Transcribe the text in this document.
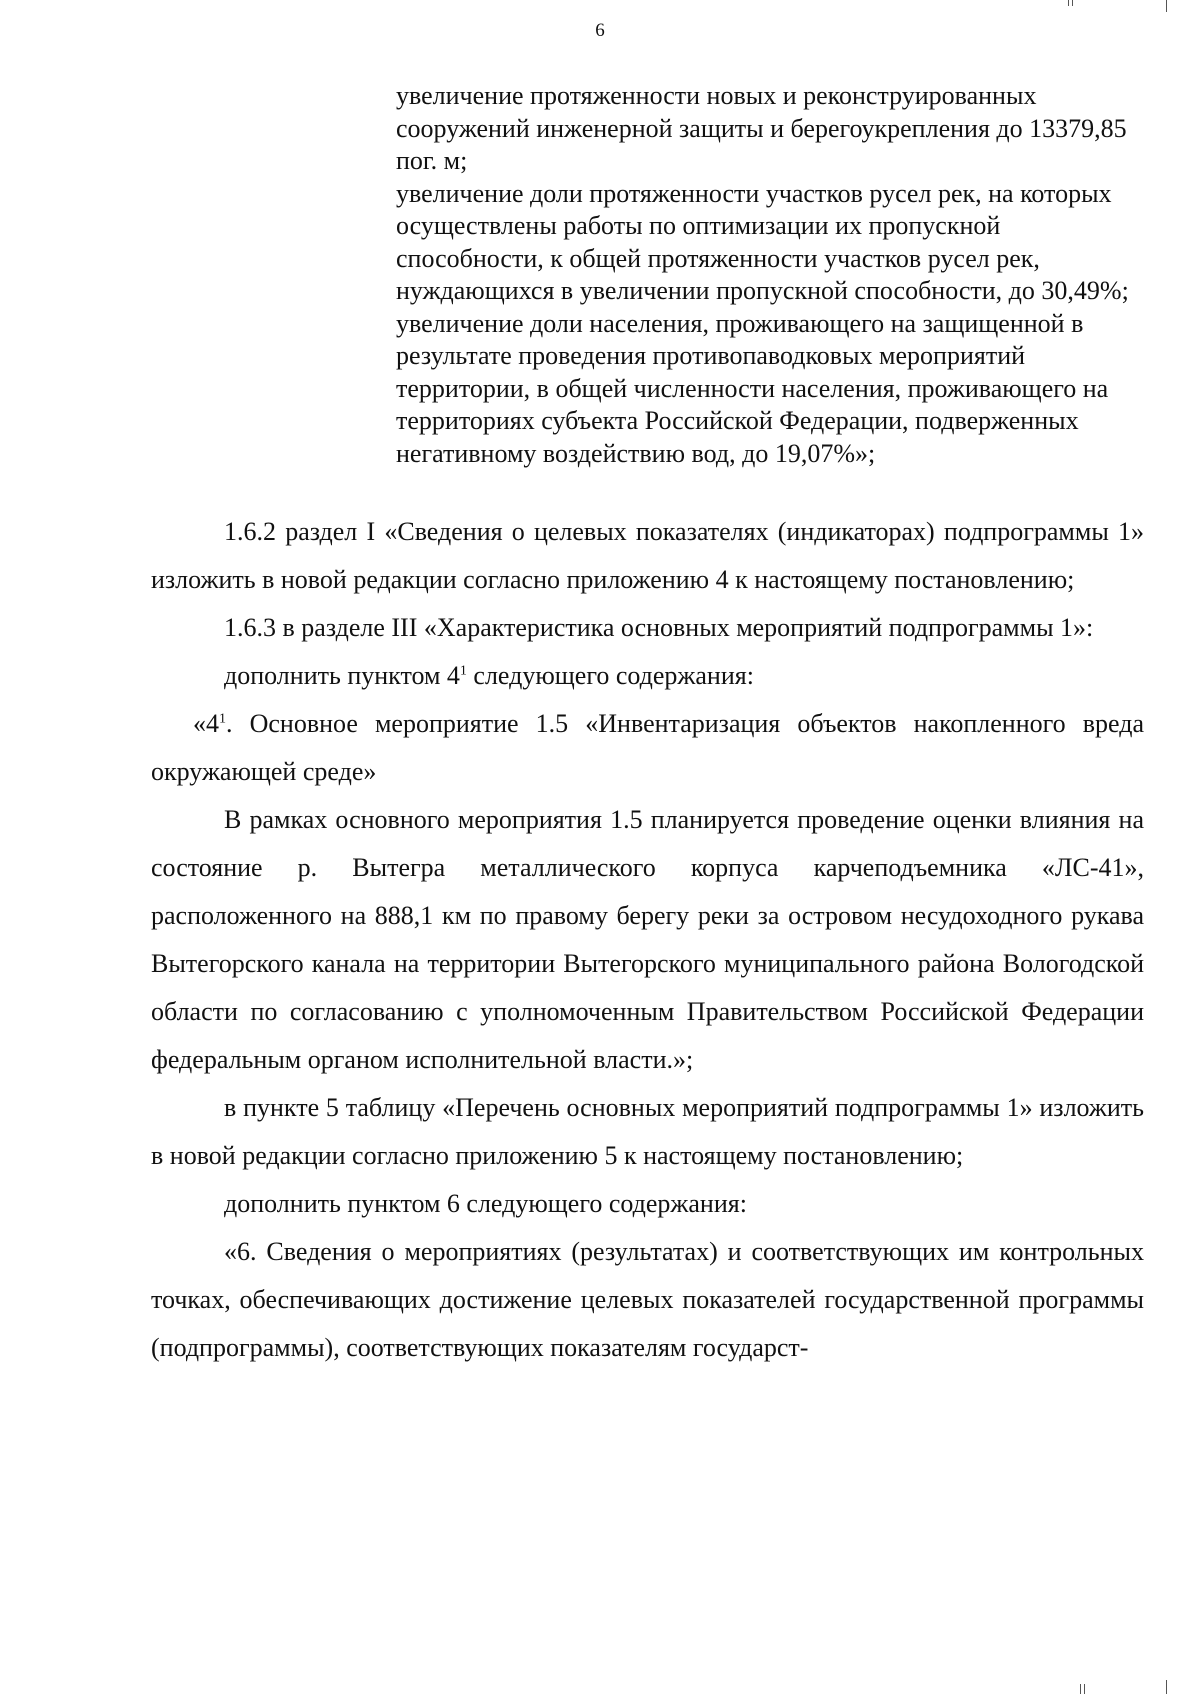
6

увеличение протяженности новых и реконструированных сооружений инженерной защиты и берегоукрепления до 13379,85 пог. м;

увеличение доли протяженности участков русел рек, на которых осуществлены работы по оптимизации их пропускной способности, к общей протяженности участков русел рек, нуждающихся в увеличении пропускной способности, до 30,49%;

увеличение доли населения, проживающего на защищенной в результате проведения противопаводковых мероприятий территории, в общей численности населения, проживающего на территориях субъекта Российской Федерации, подверженных негативному воздействию вод, до 19,07%»;

1.6.2 раздел I «Сведения о целевых показателях (индикаторах) подпрограммы 1» изложить в новой редакции согласно приложению 4 к настоящему постановлению;

1.6.3 в разделе III «Характеристика основных мероприятий подпрограммы 1»:

дополнить пунктом $4^1$ следующего содержания:

«$4^1$. Основное мероприятие 1.5 «Инвентаризация объектов накопленного вреда окружающей среде»

В рамках основного мероприятия 1.5 планируется проведение оценки влияния на состояние р. Вытегра металлического корпуса карчеподъемника «ЛС-41», расположенного на 888,1 км по правому берегу реки за островом несудоходного рукава Вытегорского канала на территории Вытегорского муниципального района Вологодской области по согласованию с уполномоченным Правительством Российской Федерации федеральным органом исполнительной власти.»;

в пункте 5 таблицу «Перечень основных мероприятий подпрограммы 1» изложить в новой редакции согласно приложению 5 к настоящему постановлению;

дополнить пунктом 6 следующего содержания:

«6. Сведения о мероприятиях (результатах) и соответствующих им контрольных точках, обеспечивающих достижение целевых показателей государственной программы (подпрограммы), соответствующих показателям государст-
